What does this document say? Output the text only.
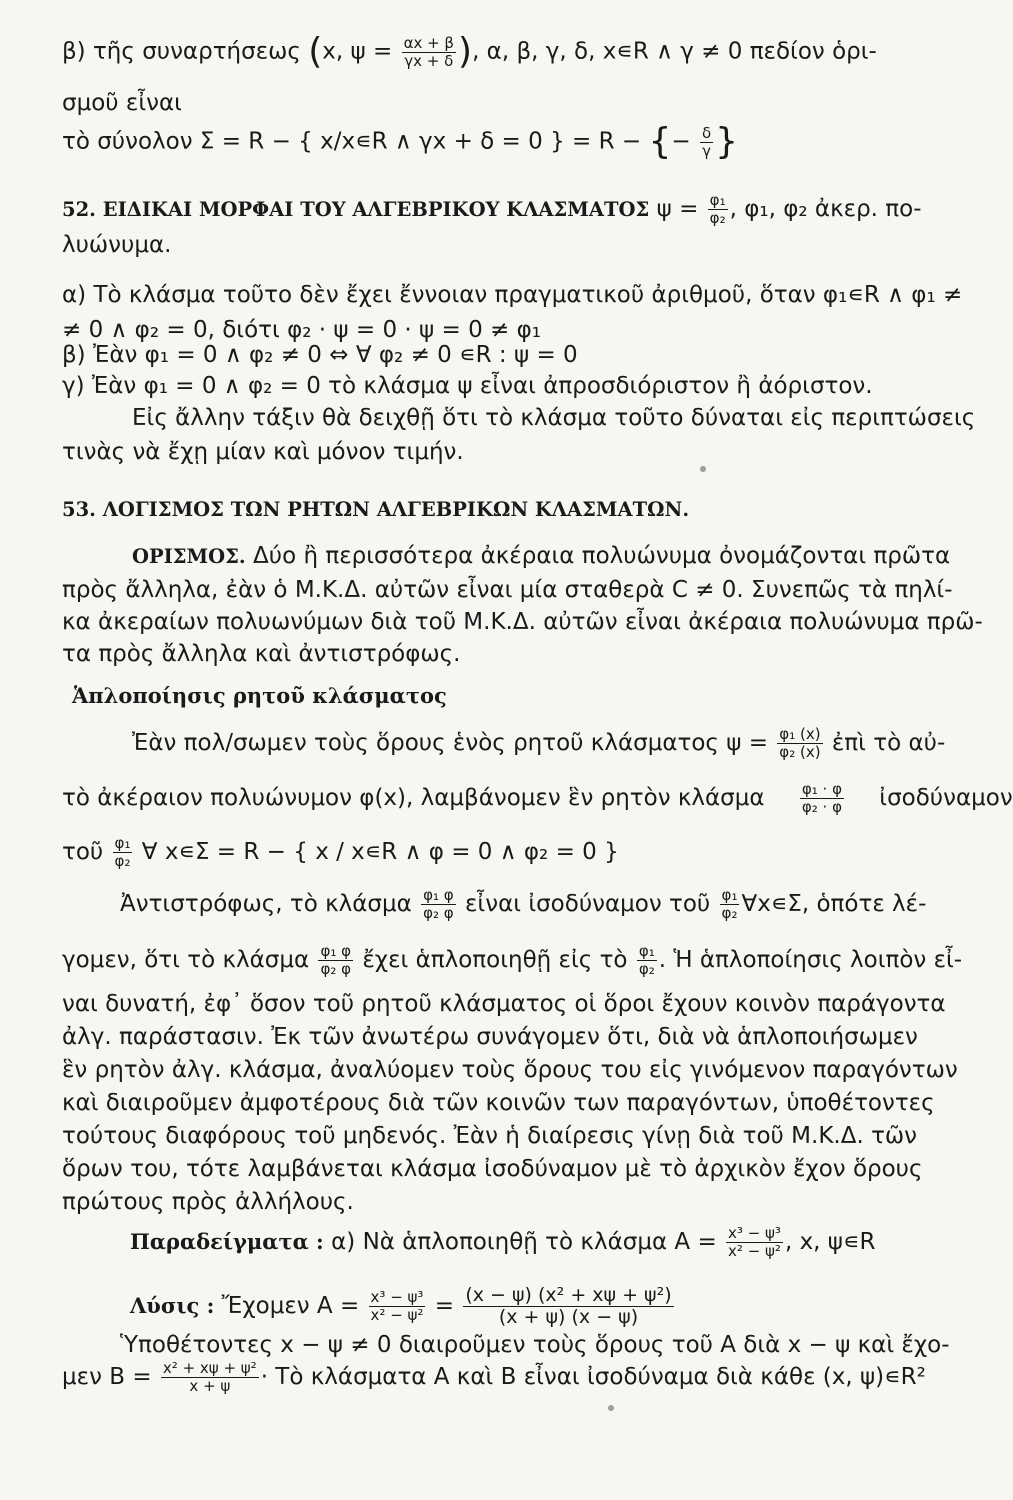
β) τῆς συναρτήσεως (x, $\psi = \frac{\alpha x + \beta}{\gamma x + \delta}$ ), α, β, γ, δ, x∊R ∧ γ ≠ 0 πεδίον ὁρι-
σμοῦ εἶναι
τὸ σύνολον Σ = R − { x/x∊R ∧ γx + δ = 0 } = R − {− $\frac{\delta}{\gamma}$ }
52. ΕΙΔΙΚΑΙ ΜΟΡΦΑΙ ΤΟΥ ΑΛΓΕΒΡΙΚΟΥ ΚΛΑΣΜΑΤΟΣ $\psi = \frac{\text{φ₁}}{\text{φ₂}}$ , φ₁, φ₂ ἀκερ. πο-
λυώνυμα.
α) Τὸ κλάσμα τοῦτο δὲν ἔχει ἔννοιαν πραγματικοῦ ἀριθμοῦ, ὅταν φ₁∊R ∧ φ₁ ≠
≠ 0 ∧ φ₂ = 0, διότι φ₂ · ψ = 0 · ψ = 0 ≠ φ₁
β) Ἐὰν φ₁ = 0 ∧ φ₂ ≠ 0 ⇔ ∀ φ₂ ≠ 0 ∊R : ψ = 0
γ) Ἐὰν φ₁ = 0 ∧ φ₂ = 0 τὸ κλάσμα ψ εἶναι ἀπροσδιόριστον ἢ ἀόριστον.
Εἰς ἄλλην τάξιν θὰ δειχθῇ ὅτι τὸ κλάσμα τοῦτο δύναται εἰς περιπτώσεις
τινὰς νὰ ἔχῃ μίαν καὶ μόνον τιμήν.
53. ΛΟΓΙΣΜΟΣ ΤΩΝ ΡΗΤΩΝ ΑΛΓΕΒΡΙΚΩΝ ΚΛΑΣΜΑΤΩΝ.
ΟΡΙΣΜΟΣ. Δύο ἢ περισσότερα ἀκέραια πολυώνυμα ὀνομάζονται πρῶτα
πρὸς ἄλληλα, ἐὰν ὁ Μ.Κ.Δ. αὐτῶν εἶναι μία σταθερὰ C ≠ 0. Συνεπῶς τὰ πηλί-
κα ἀκεραίων πολυωνύμων διὰ τοῦ Μ.Κ.Δ. αὐτῶν εἶναι ἀκέραια πολυώνυμα πρῶ-
τα πρὸς ἄλληλα καὶ ἀντιστρόφως.
Ἁπλοποίησις ρητοῦ κλάσματος
Ἐὰν πολ/σωμεν τοὺς ὅρους ἑνὸς ρητοῦ κλάσματος $\psi = \frac{\text{φ₁ (x)}}{\text{φ₂ (x)}}$ ἐπὶ τὸ αὐ-
τὸ ἀκέραιον πολυώνυμον φ(x), λαμβάνομεν ἓν ρητὸν κλάσμα $\frac{\text{φ₁ · φ}}{\text{φ₂ · φ}}$ ἰσοδύναμον
τοῦ $\frac{\text{φ₁}}{\text{φ₂}}$ ∀ x∊Σ = R − { x / x∊R ∧ φ = 0 ∧ φ₂ = 0 }
Ἀντιστρόφως, τὸ κλάσμα $\frac{\text{φ₁ φ}}{\text{φ₂ φ}}$ εἶναι ἰσοδύναμον τοῦ $\frac{\text{φ₁}}{\text{φ₂}}$ ∀x∊Σ, ὁπότε λέ-
γομεν, ὅτι τὸ κλάσμα $\frac{\text{φ₁ φ}}{\text{φ₂ φ}}$ ἔχει ἁπλοποιηθῇ εἰς τὸ $\frac{\text{φ₁}}{\text{φ₂}}$ . Ἡ ἁπλοποίησις λοιπὸν εἶ-
ναι δυνατή, ἐφ᾽ ὅσον τοῦ ρητοῦ κλάσματος οἱ ὅροι ἔχουν κοινὸν παράγοντα
ἀλγ. παράστασιν. Ἐκ τῶν ἀνωτέρω συνάγομεν ὅτι, διὰ νὰ ἁπλοποιήσωμεν
ἓν ρητὸν ἀλγ. κλάσμα, ἀναλύομεν τοὺς ὅρους του εἰς γινόμενον παραγόντων
καὶ διαιροῦμεν ἀμφοτέρους διὰ τῶν κοινῶν των παραγόντων, ὑποθέτοντες
τούτους διαφόρους τοῦ μηδενός. Ἐὰν ἡ διαίρεσις γίνῃ διὰ τοῦ Μ.Κ.Δ. τῶν
ὅρων του, τότε λαμβάνεται κλάσμα ἰσοδύναμον μὲ τὸ ἀρχικὸν ἔχον ὅρους
πρώτους πρὸς ἀλλήλους.
Παραδείγματα : α) Νὰ ἁπλοποιηθῇ τὸ κλάσμα $A = \frac{\text{x³ − ψ³}}{\text{x² − ψ²}}$ , x, ψ∊R
Λύσις : Ἔχομεν $A = \frac{\text{x³ − ψ³}}{\text{x² − ψ²}} = \frac{\text{(x − ψ) (x² + xψ + ψ²)}}{(x + \psi) (x - \psi)}$
Ὑποθέτοντες x − ψ ≠ 0 διαιροῦμεν τοὺς ὅρους τοῦ A διὰ x − ψ καὶ ἔχο-
μεν $B = \frac{\text{x² + xψ + ψ²}}{x + \psi}$ · Τὸ κλάσματα A καὶ B εἶναι ἰσοδύναμα διὰ κάθε (x, ψ)∊R²
